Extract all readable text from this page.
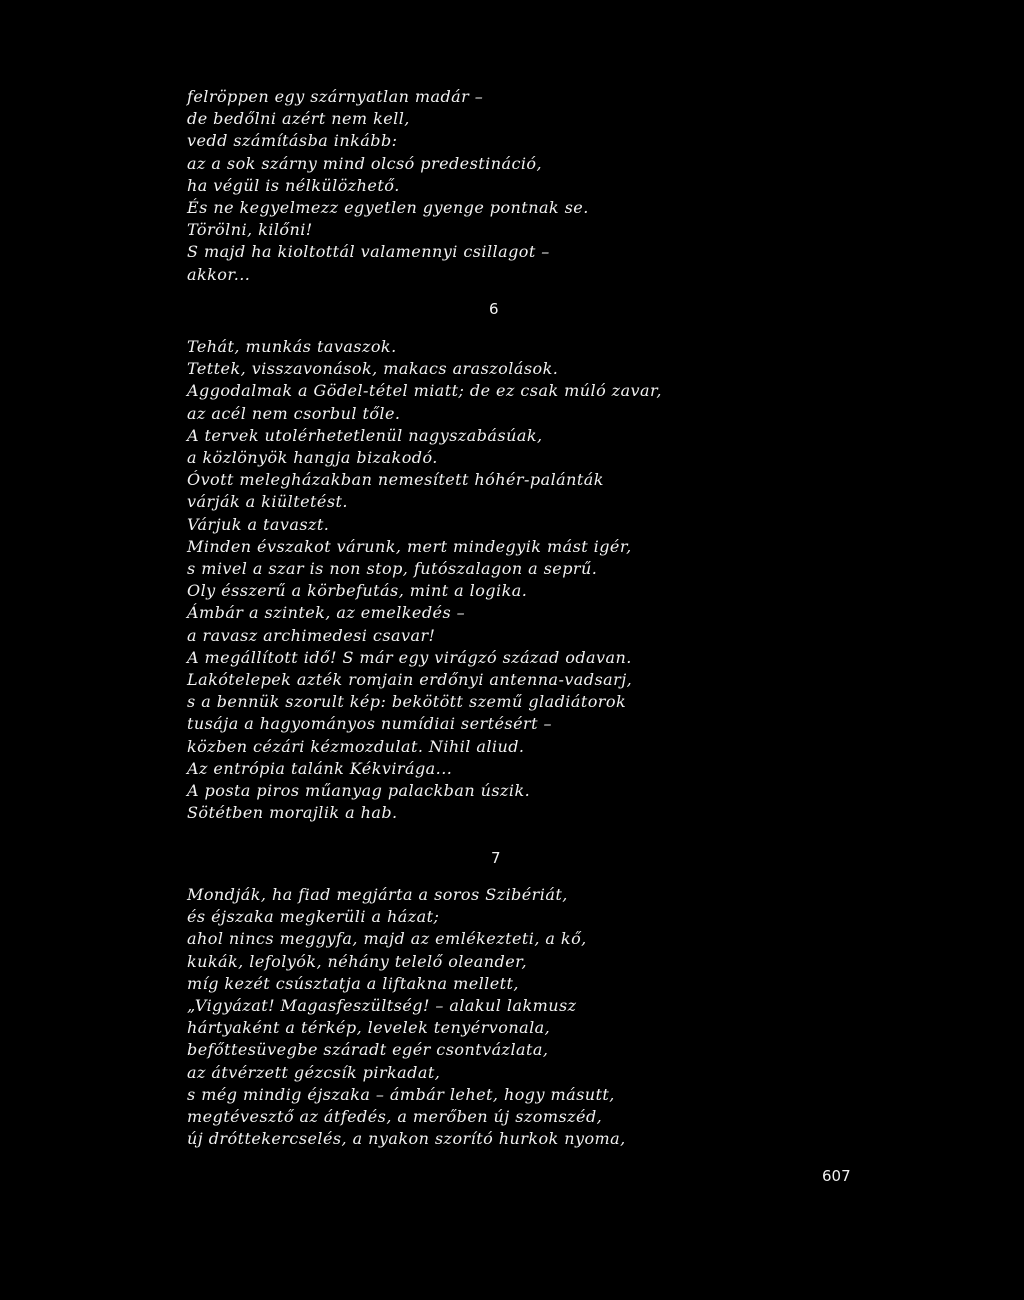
felröppen egy szárnyatlan madár –
de bedőlni azért nem kell,
vedd számításba inkább:
az a sok szárny mind olcsó predestináció,
ha végül is nélkülözhető.
És ne kegyelmezz egyetlen gyenge pontnak se.
Törölni, kilőni!
S majd ha kioltottál valamennyi csillagot –
akkor...
6
Tehát, munkás tavaszok.
Tettek, visszavonások, makacs araszolások.
Aggodalmak a Gödel-tétel miatt; de ez csak múló zavar,
az acél nem csorbul tőle.
A tervek utolérhetetlenül nagyszabásúak,
a közlönyök hangja bizakodó.
Óvott melegházakban nemesített hóhér-palánták
várják a kiültetést.
Várjuk a tavaszt.
Minden évszakot várunk, mert mindegyik mást igér,
s mivel a szar is non stop, futószalagon a seprű.
Oly ésszerű a körbefutás, mint a logika.
Ámbár a szintek, az emelkedés –
a ravasz archimedesi csavar!
A megállított idő! S már egy virágzó század odavan.
Lakótelepek azték romjain erdőnyi antenna-vadsarj,
s a bennük szorult kép: bekötött szemű gladiátorok
tusája a hagyományos numídiai sertésért –
közben cézári kézmozdulat. Nihil aliud.
Az entrópia talánk Kékvirága...
A posta piros műanyag palackban úszik.
Sötétben morajlik a hab.
7
Mondják, ha fiad megjárta a soros Szibériát,
és éjszaka megkerüli a házat;
ahol nincs meggyfa, majd az emlékezteti, a kő,
kukák, lefolyók, néhány telelő oleander,
míg kezét csúsztatja a liftakna mellett,
„Vigyázat! Magasfeszültség! – alakul lakmusz
hártyaként a térkép, levelek tenyérvonala,
befőttesüvegbe száradt egér csontvázlata,
az átvérzett gézcsík pirkadat,
s még mindig éjszaka – ámbár lehet, hogy másutt,
megtévesztő az átfedés, a merőben új szomszéd,
új dróttekercselés, a nyakon szorító hurkok nyoma,
607
